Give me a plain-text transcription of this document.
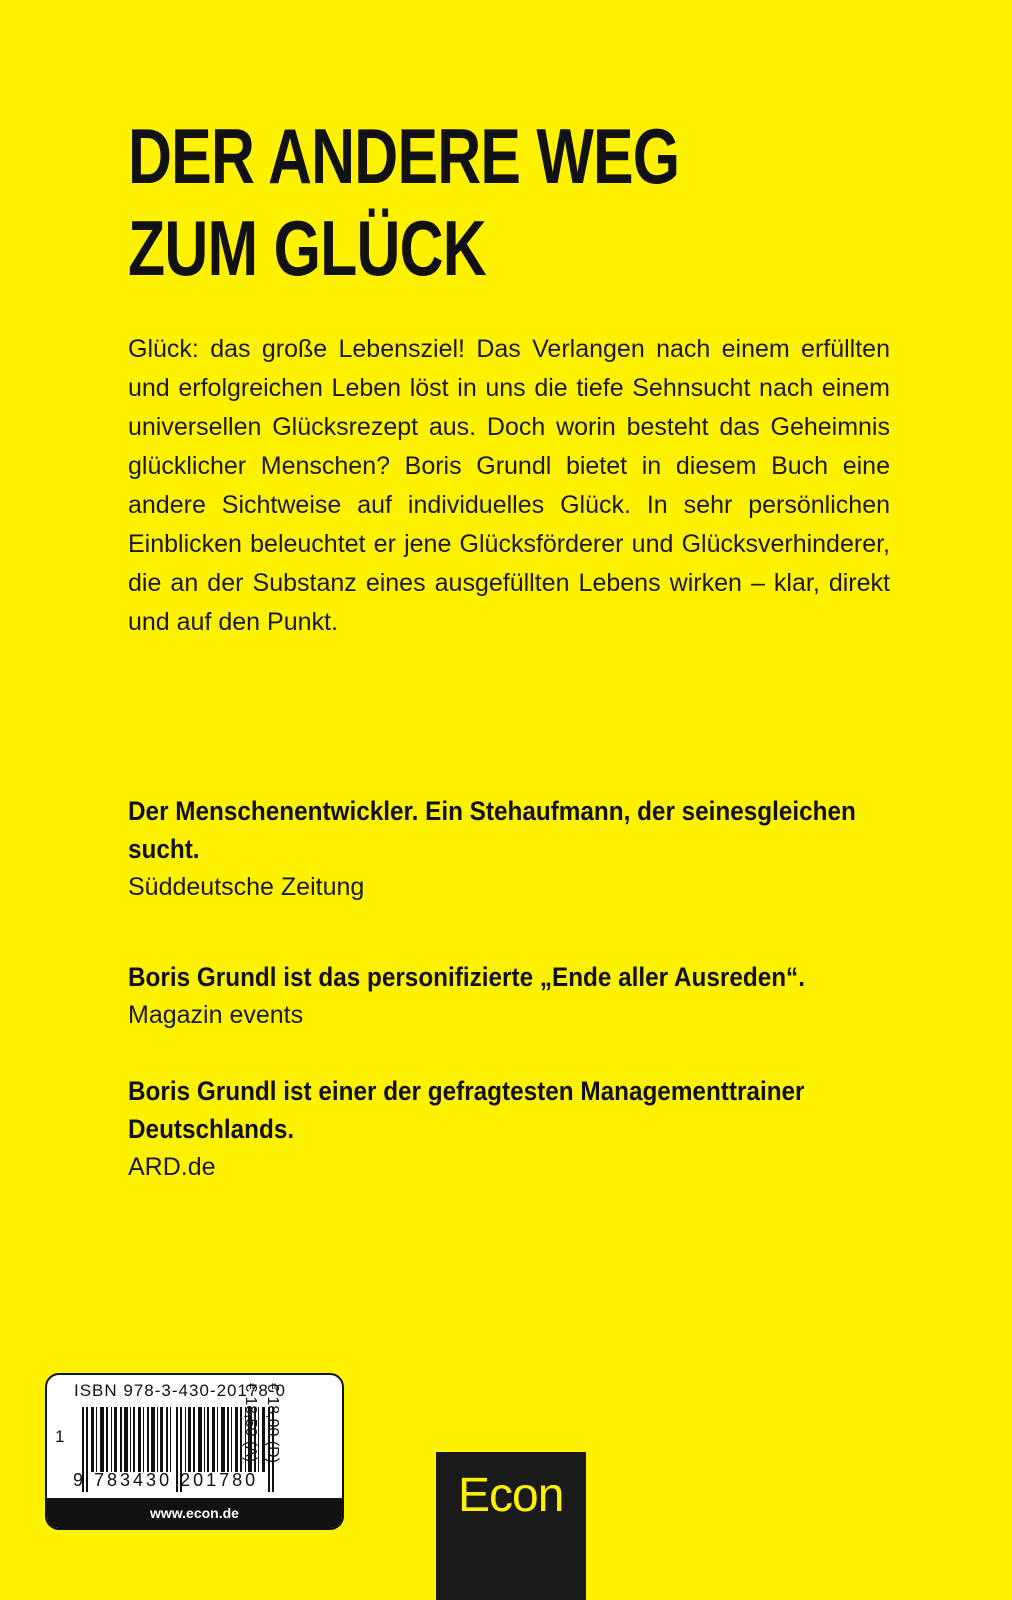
DER ANDERE WEG
ZUM GLÜCK

Glück: das große Lebensziel! Das Verlangen nach einem erfüllten und erfolgreichen Leben löst in uns die tiefe Sehnsucht nach einem universellen Glücksrezept aus. Doch worin besteht das Geheimnis glücklicher Menschen? Boris Grundl bietet in diesem Buch eine andere Sichtweise auf individuelles Glück. In sehr persönlichen Einblicken beleuchtet er jene Glücksförderer und Glücksverhinderer, die an der Substanz eines ausgefüllten Lebens wirken – klar, direkt und auf den Punkt.

Der Menschenentwickler. Ein Stehaufmann, der seinesgleichen sucht.
Süddeutsche Zeitung
Boris Grundl ist das personifizierte „Ende aller Ausreden“.
Magazin events
Boris Grundl ist einer der gefragtesten Managementtrainer Deutschlands.
ARD.de
ISBN 978-3-430-20178-0
1
9 783430 201780
€ 18,00 (D)
€ 18,50 (A)
www.econ.de	Econ
